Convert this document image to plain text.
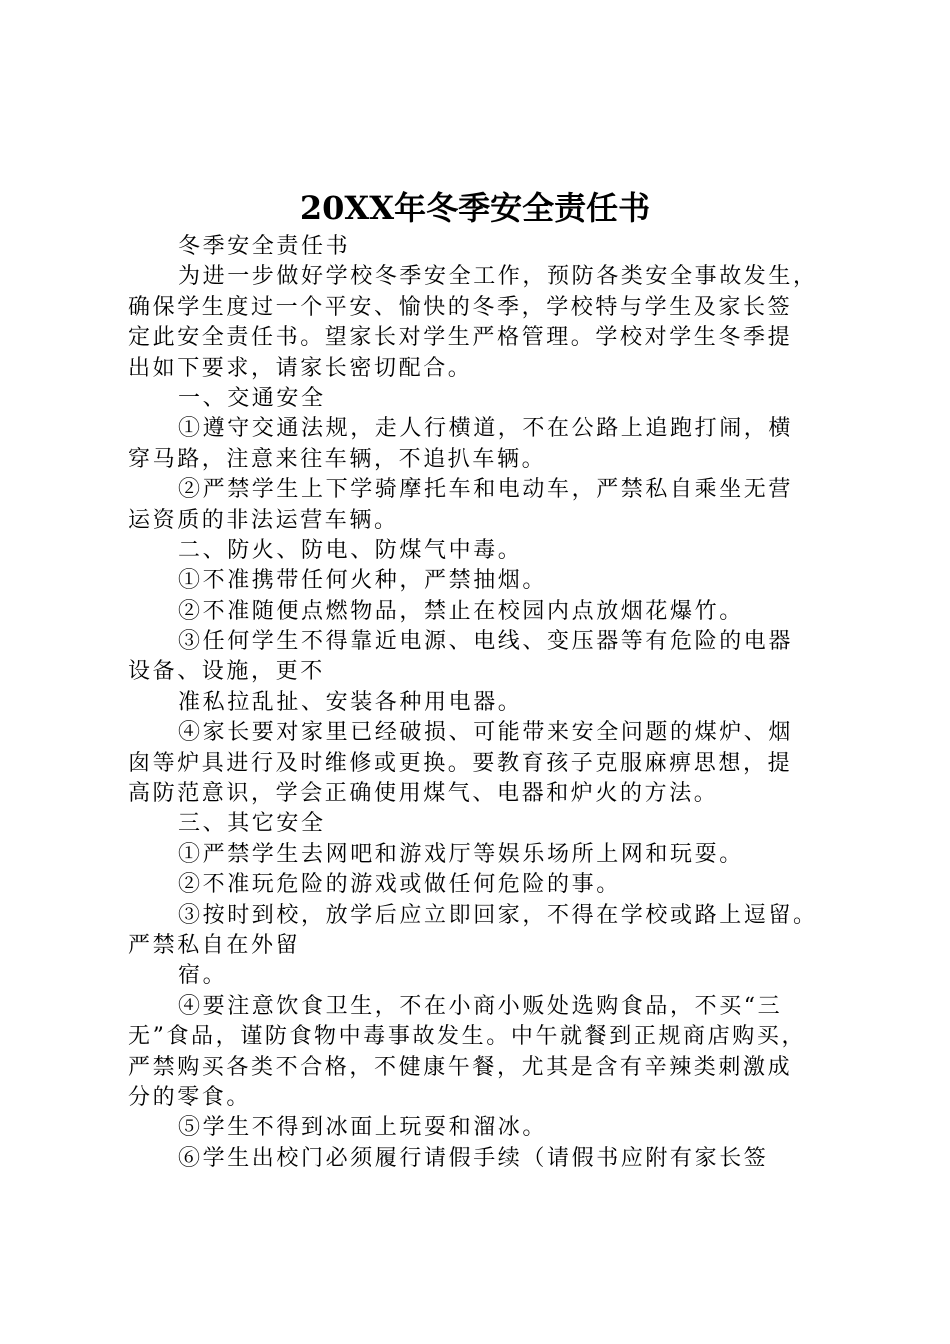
20XX年冬季安全责任书
冬季安全责任书
为进一步做好学校冬季安全工作，预防各类安全事故发生，
确保学生度过一个平安、愉快的冬季，学校特与学生及家长签
定此安全责任书。望家长对学生严格管理。学校对学生冬季提
出如下要求，请家长密切配合。
一、交通安全
①遵守交通法规，走人行横道，不在公路上追跑打闹，横
穿马路，注意来往车辆，不追扒车辆。
②严禁学生上下学骑摩托车和电动车，严禁私自乘坐无营
运资质的非法运营车辆。
二、防火、防电、防煤气中毒。
①不准携带任何火种，严禁抽烟。
②不准随便点燃物品，禁止在校园内点放烟花爆竹。
③任何学生不得靠近电源、电线、变压器等有危险的电器
设备、设施，更不
准私拉乱扯、安装各种用电器。
④家长要对家里已经破损、可能带来安全问题的煤炉、烟
囱等炉具进行及时维修或更换。要教育孩子克服麻痹思想，提
高防范意识，学会正确使用煤气、电器和炉火的方法。
三、其它安全
①严禁学生去网吧和游戏厅等娱乐场所上网和玩耍。
②不准玩危险的游戏或做任何危险的事。
③按时到校，放学后应立即回家，不得在学校或路上逗留。
严禁私自在外留
宿。
④要注意饮食卫生，不在小商小贩处选购食品，不买“三
无”食品，谨防食物中毒事故发生。中午就餐到正规商店购买，
严禁购买各类不合格，不健康午餐，尤其是含有辛辣类刺激成
分的零食。
⑤学生不得到冰面上玩耍和溜冰。
⑥学生出校门必须履行请假手续（请假书应附有家长签
